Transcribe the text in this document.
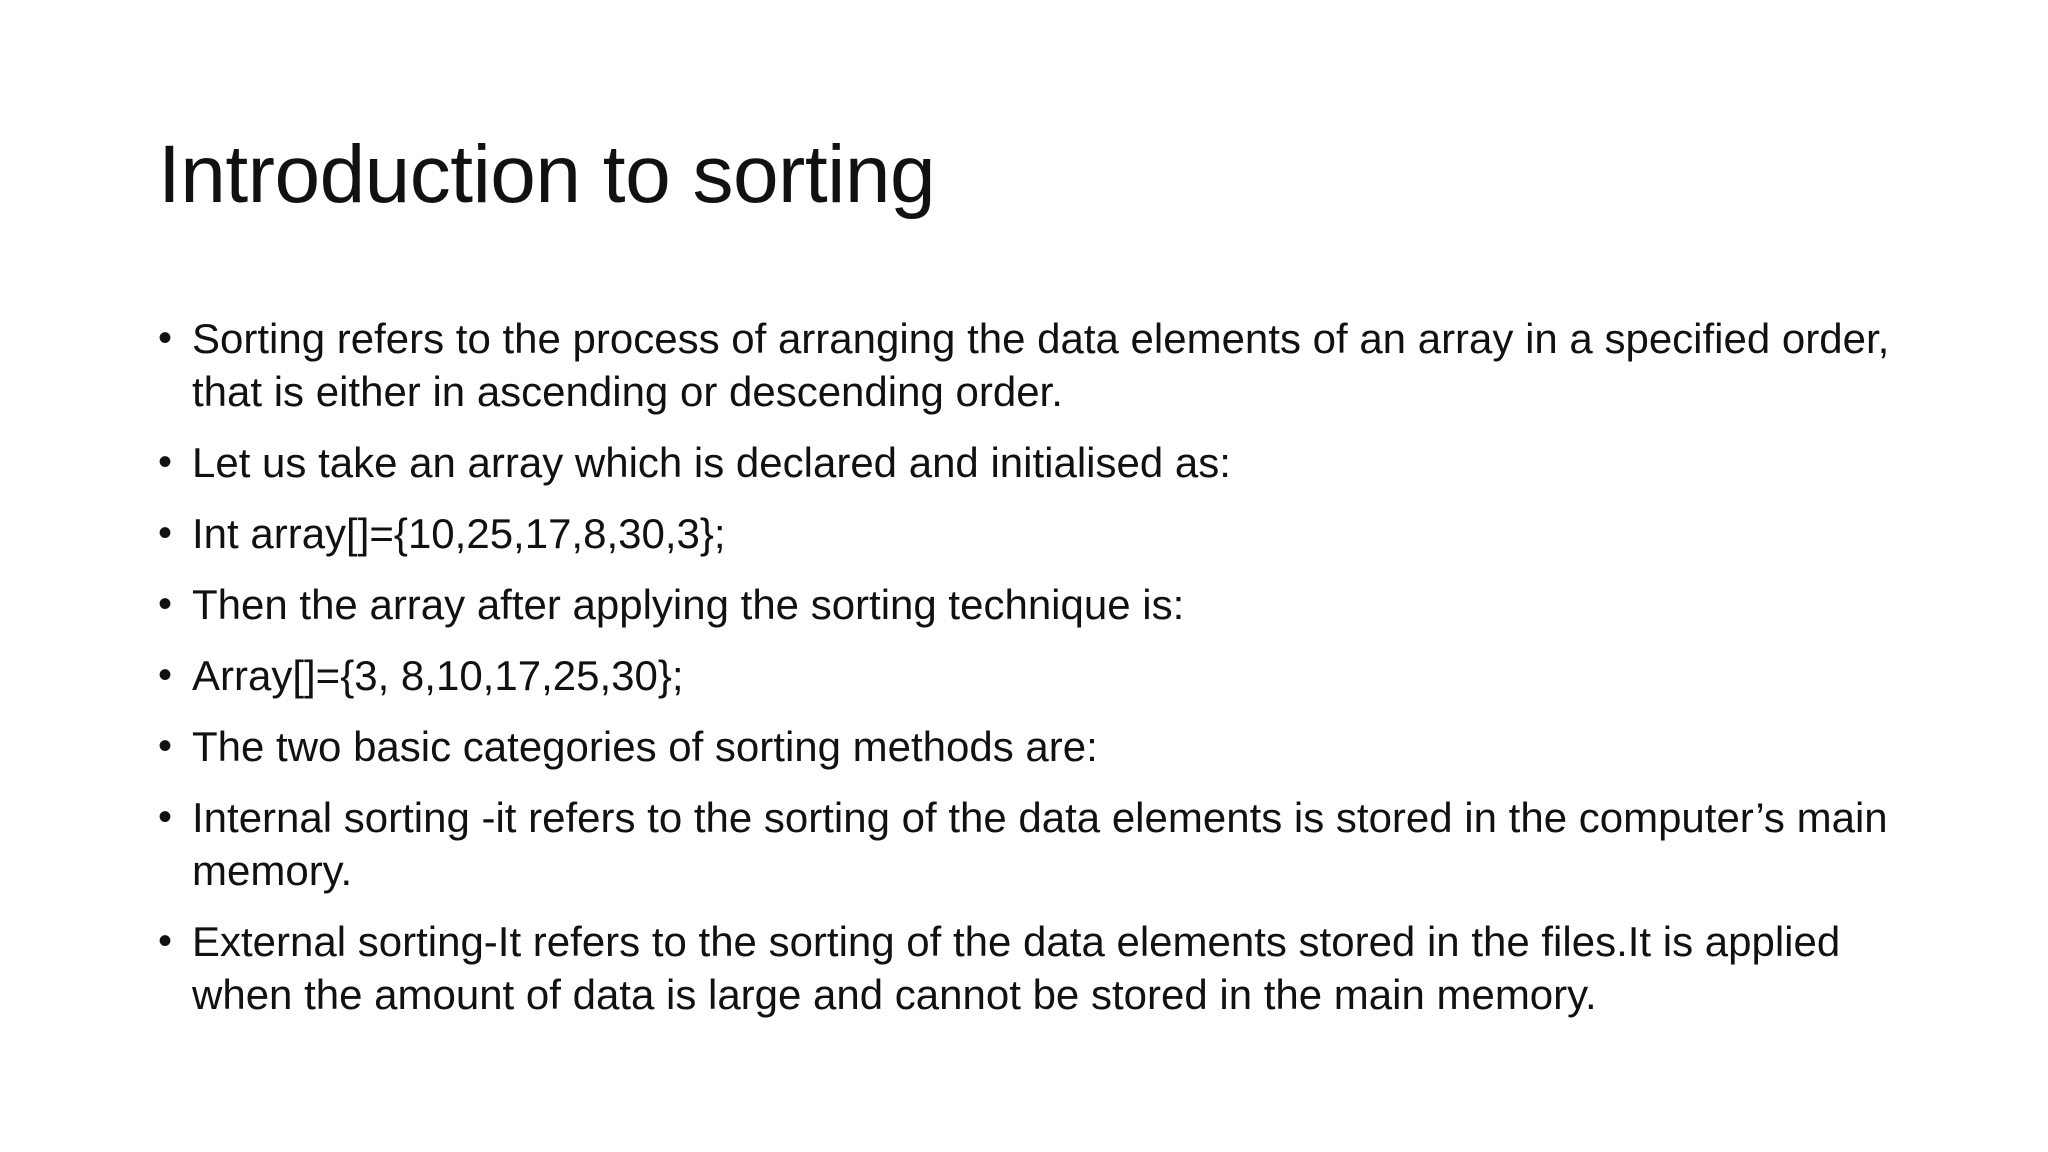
Introduction to sorting
• Sorting refers to the process of arranging the data elements of an array in a specified order, that is either in ascending or descending order.
• Let us take an array which is declared and initialised as:
• Int array[]={10,25,17,8,30,3};
• Then the array after applying the sorting technique is:
• Array[]={3, 8,10,17,25,30};
• The two basic categories of sorting methods are:
• Internal sorting -it refers to the sorting of the data elements is stored in the computer’s main memory.
• External sorting-It refers to the sorting of the data elements stored in the files.It is applied when the amount of data is large and cannot be stored in the main memory.
